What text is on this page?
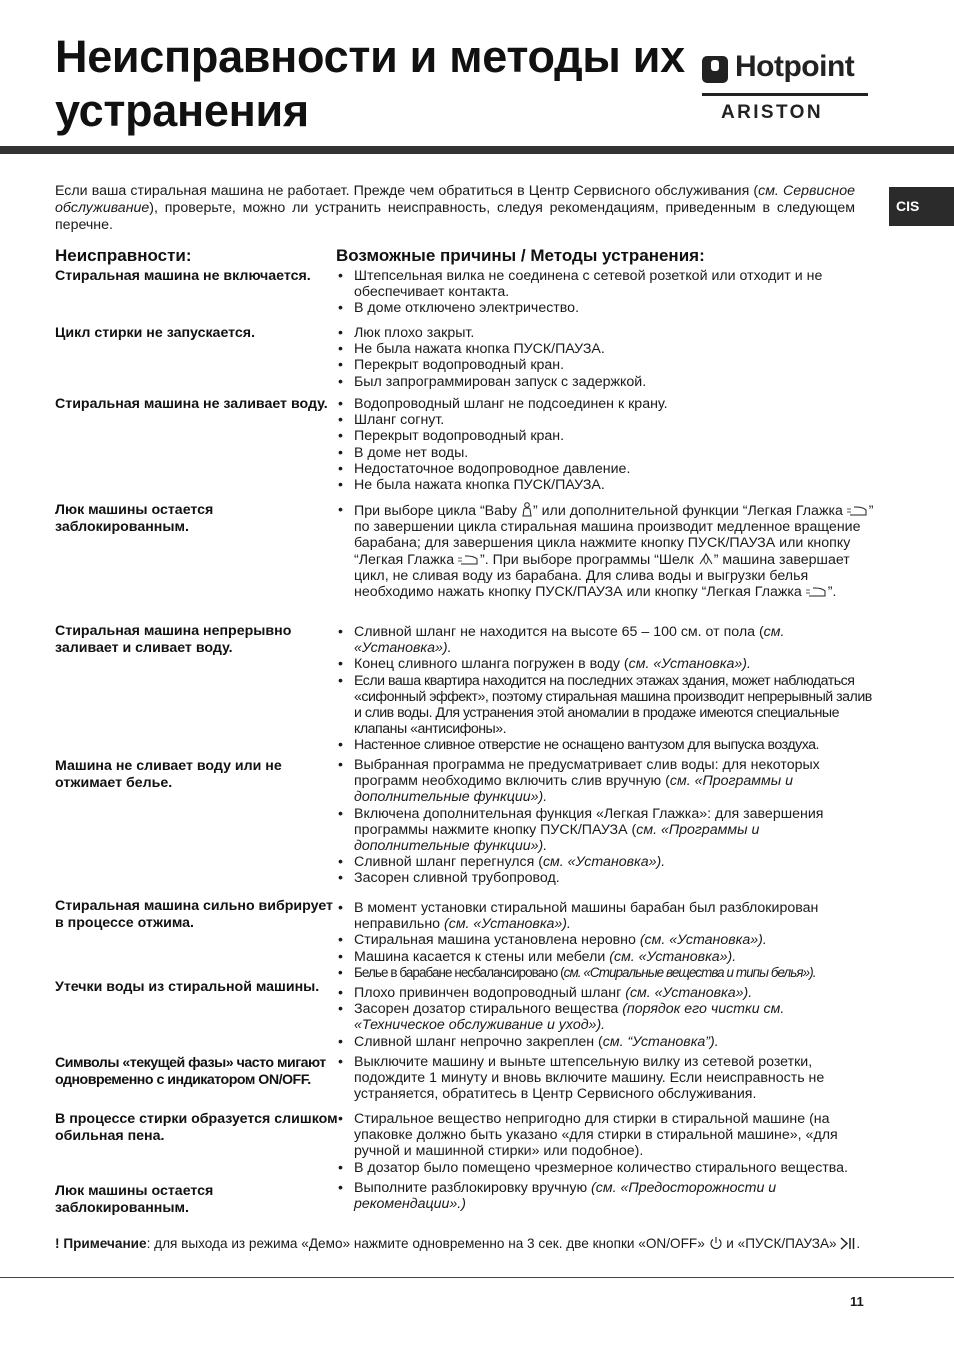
Неисправности и методы их устранения
Hotpoint
ARISTON
CIS
Если ваша стиральная машина не работает. Прежде чем обратиться в Центр Сервисного обслуживания (см. Сервисное обслуживание), проверьте, можно ли устранить неисправность, следуя рекомендациям, приведенным в следующем перечне.
Неисправности:	Возможные причины / Методы устранения:
Стиральная машина не включается.	• Штепсельная вилка не соединена с сетевой розеткой или отходит и не обеспечивает контакта.
• В доме отключено электричество.
Цикл стирки не запускается.	• Люк плохо закрыт.
• Не была нажата кнопка ПУСК/ПАУЗА.
• Перекрыт водопроводный кран.
• Был запрограммирован запуск с задержкой.
Стиральная машина не заливает воду.	• Водопроводный шланг не подсоединен к крану.
• Шланг согнут.
• Перекрыт водопроводный кран.
• В доме нет воды.
• Недостаточное водопроводное давление.
• Не была нажата кнопка ПУСК/ПАУЗА.
Люк машины остается заблокированным.
• При выборе цикла “Baby ” или дополнительной функции “Легкая Глажка ” по завершении цикла стиральная машина производит медленное вращение барабана; для завершения цикла нажмите кнопку ПУСК/ПАУЗА или кнопку “Легкая Глажка ”. При выборе программы “Шелк ” машина завершает цикл, не сливая воду из барабана. Для слива воды и выгрузки белья необходимо нажать кнопку ПУСК/ПАУЗА или кнопку “Легкая Глажка ”.
Стиральная машина непрерывно заливает и сливает воду.
• Сливной шланг не находится на высоте 65 – 100 см. от пола (см. «Установка»).
• Конец сливного шланга погружен в воду (см. «Установка»).
• Если ваша квартира находится на последних этажах здания, может наблюдаться «сифонный эффект», поэтому стиральная машина производит непрерывный залив и слив воды. Для устранения этой аномалии в продаже имеются специальные клапаны «антисифоны».
• Настенное сливное отверстие не оснащено вантузом для выпуска воздуха.
Машина не сливает воду или не отжимает белье.
• Выбранная программа не предусматривает слив воды: для некоторых программ необходимо включить слив вручную (см. «Программы и дополнительные функции»).
• Включена дополнительная функция «Легкая Глажка»: для завершения программы нажмите кнопку ПУСК/ПАУЗА (см. «Программы и дополнительные функции»).
• Сливной шланг перегнулся (см. «Установка»).
• Засорен сливной трубопровод.
Стиральная машина сильно вибрирует в процессе отжима.
• В момент установки стиральной машины барабан был разблокирован неправильно (см. «Установка»).
• Стиральная машина установлена неровно (см. «Установка»).
• Машина касается к стены или мебели (см. «Установка»).
• Белье в барабане несбалансировано (см. «Стиральные вещества и типы белья»).
Утечки воды из стиральной машины.	• Плохо привинчен водопроводный шланг (см. «Установка»).
• Засорен дозатор стирального вещества (порядок его чистки см. «Техническое обслуживание и уход»).
• Сливной шланг непрочно закреплен (см. “Установка”).
Символы «текущей фазы» часто мигают одновременно с индикатором ON/OFF.
• Выключите машину и выньте штепсельную вилку из сетевой розетки, подождите 1 минуту и вновь включите машину. Если неисправность не устраняется, обратитесь в Центр Сервисного обслуживания.
В процессе стирки образуется слишком обильная пена.
• Стиральное вещество непригодно для стирки в стиральной машине (на упаковке должно быть указано «для стирки в стиральной машине», «для ручной и машинной стирки» или подобное).
• В дозатор было помещено чрезмерное количество стирального вещества.
Люк машины остается заблокированным.
• Выполните разблокировку вручную (см. «Предосторожности и рекомендации».)
! Примечание: для выхода из режима «Демо» нажмите одновременно на 3 сек. две кнопки «ON/OFF»  и «ПУСК/ПАУЗА» .
11
